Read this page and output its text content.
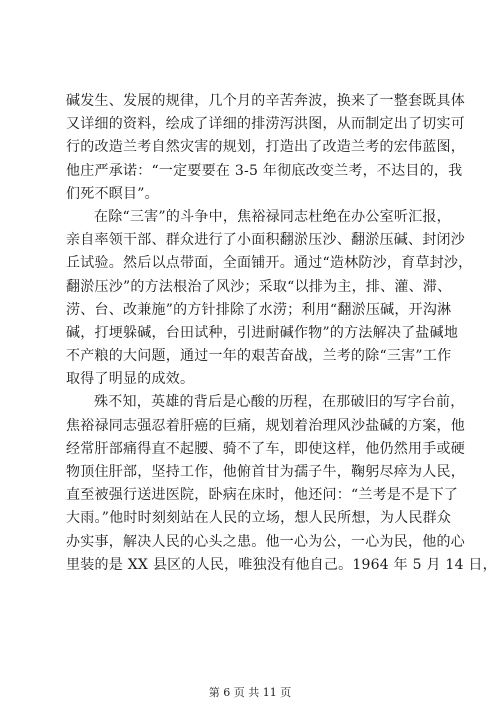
碱发生、发展的规律，几个月的辛苦奔波，换来了一整套既具体
又详细的资料，绘成了详细的排涝泻洪图，从而制定出了切实可
行的改造兰考自然灾害的规划，打造出了改造兰考的宏伟蓝图，
他庄严承诺：“一定要要在 3-5 年彻底改变兰考，不达目的，我
们死不瞑目”。
在除“三害”的斗争中，焦裕禄同志杜绝在办公室听汇报，
亲自率领干部、群众进行了小面积翻淤压沙、翻淤压碱、封闭沙
丘试验。然后以点带面，全面铺开。通过“造林防沙，育草封沙，
翻淤压沙”的方法根治了风沙；采取“以排为主，排、灌、滞、
涝、台、改兼施”的方针排除了水涝；利用“翻淤压碱，开沟淋
碱，打埂躲碱，台田试种，引进耐碱作物”的方法解决了盐碱地
不产粮的大问题，通过一年的艰苦奋战，兰考的除“三害”工作
取得了明显的成效。
殊不知，英雄的背后是心酸的历程，在那破旧的写字台前，
焦裕禄同志强忍着肝癌的巨痛，规划着治理风沙盐碱的方案，他
经常肝部痛得直不起腰、骑不了车，即使这样，他仍然用手或硬
物顶住肝部，坚持工作，他俯首甘为孺子牛，鞠躬尽瘁为人民，
直至被强行送进医院，卧病在床时，他还问：“兰考是不是下了
大雨。”他时时刻刻站在人民的立场，想人民所想，为人民群众
办实事，解决人民的心头之患。他一心为公，一心为民，他的心
里装的是 XX 县区的人民，唯独没有他自己。1964 年 5 月 14 日，
第 6 页 共 11 页
